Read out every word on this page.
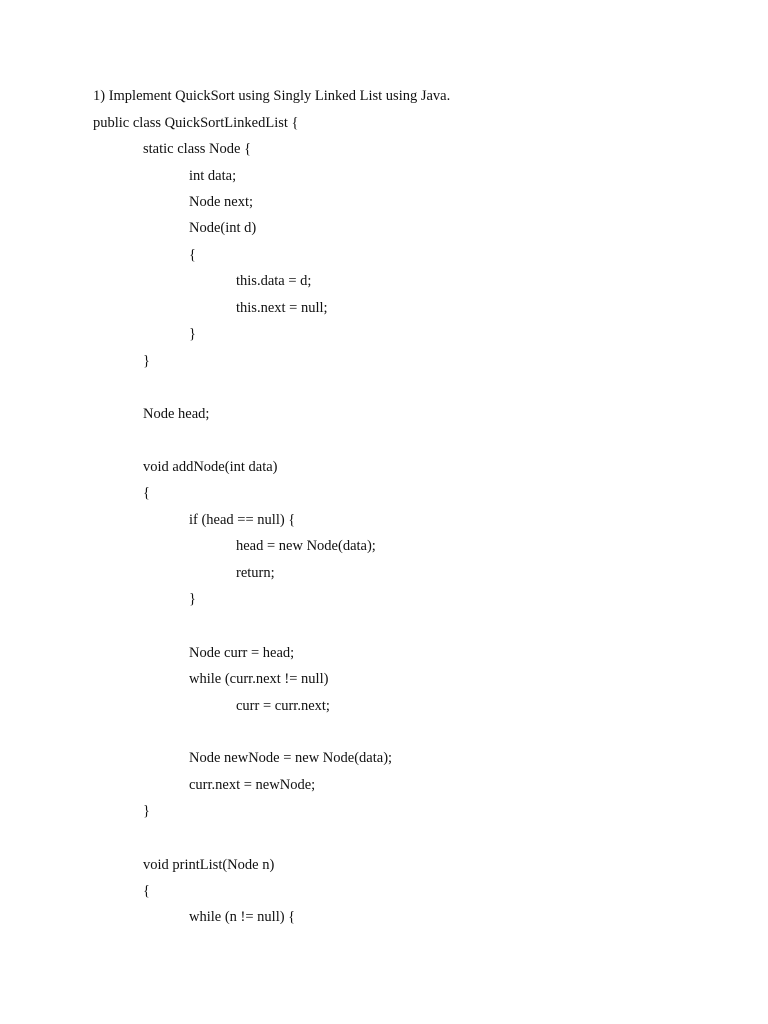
1) Implement QuickSort using Singly Linked List using Java.
public class QuickSortLinkedList {
static class Node {
int data;
Node next;
Node(int d)
{
this.data = d;
this.next = null;
}
}
Node head;
void addNode(int data)
{
if (head == null) {
head = new Node(data);
return;
}
Node curr = head;
while (curr.next != null)
curr = curr.next;
Node newNode = new Node(data);
curr.next = newNode;
}
void printList(Node n)
{
while (n != null) {
